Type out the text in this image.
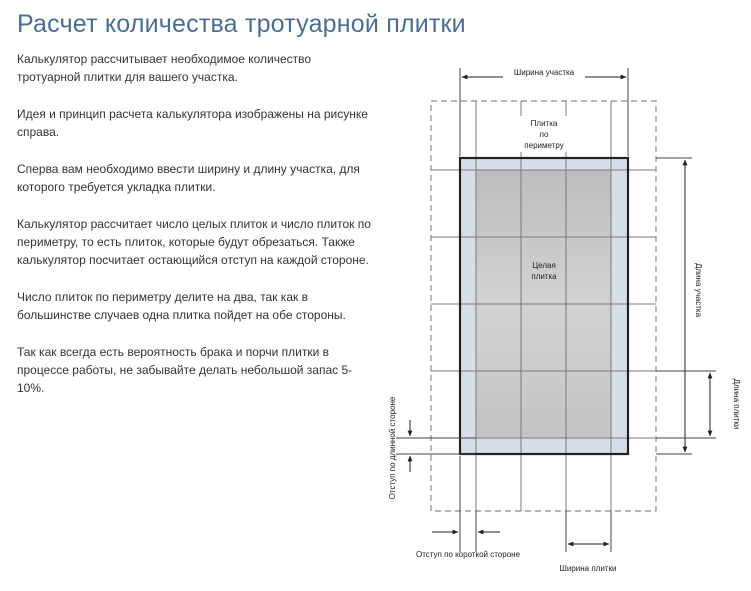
Расчет количества тротуарной плитки

Калькулятор рассчитывает необходимое количество тротуарной плитки для вашего участка.

Идея и принцип расчета калькулятора изображены на рисунке справа.

Сперва вам необходимо ввести ширину и длину участка, для которого требуется укладка плитки.

Калькулятор рассчитает число целых плиток и число плиток по периметру, то есть плиток, которые будут обрезаться. Также калькулятор посчитает остающийся отступ на каждой стороне.

Число плиток по периметру делите на два, так как в большинстве случаев одна плитка пойдет на обе стороны.

Так как всегда есть вероятность брака и порчи плитки в процессе работы, не забывайте делать небольшой запас 5-10%.

Ширина участка
Плитка
по
периметру
Целая
плитка	Длина участка
Длина плитки
Отступ по длинной стороне
Отступ по короткой стороне
Ширина плитки
